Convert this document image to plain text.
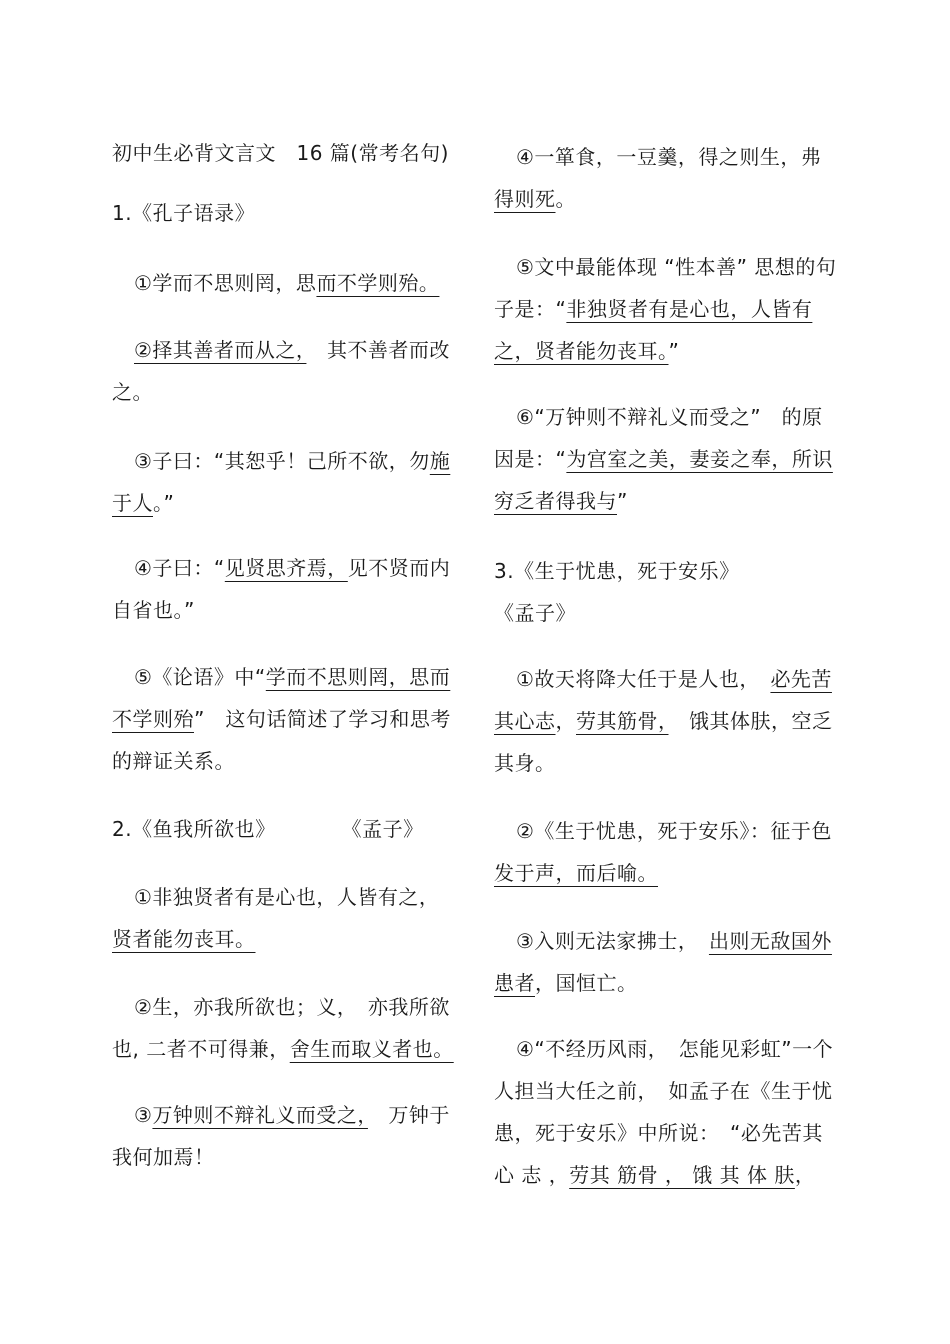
初中生必背文言文　 16 篇(常考名句)

1.《孔子语录》

①学而不思则罔，思而不学则殆。

②择其善者而从之，　 其不善者而改之。

③子曰：“其恕乎！己所不欲，勿施于人。”

④子曰：“见贤思齐焉，见不贤而内自省也。”

⑤《论语》中“学而不思则罔，思而不学则殆”　这句话简述了学习和思考的辩证关系。

2.《鱼我所欲也》	《孟子》

①非独贤者有是心也，人皆有之，贤者能勿丧耳。

②生，亦我所欲也；义，　亦我所欲也, 二者不可得兼，舍生而取义者也。

③万钟则不辩礼义而受之，　万钟于我何加焉！

④一箪食，一豆羹，得之则生，弗得则死。

⑤文中最能体现 “性本善” 思想的句子是：“非独贤者有是心也，人皆有之，贤者能勿丧耳。”

⑥“万钟则不辩礼义而受之”　的原因是：“为宫室之美，妻妾之奉，所识穷乏者得我与”

3.《生于忧患，死于安乐》《孟子》

①故天将降大任于是人也，　必先苦其心志，劳其筋骨，　饿其体肤，空乏其身。

②《生于忧患，死于安乐》：征于色发于声，而后喻。

③入则无法家拂士，　出则无敌国外患者，国恒亡。

④“不经历风雨，　怎能见彩虹”一个人担当大任之前，　如孟子在《生于忧患，死于安乐》中所说：　“必先苦其 心 志 ，劳其 筋骨 ， 饿 其 体 肤，
